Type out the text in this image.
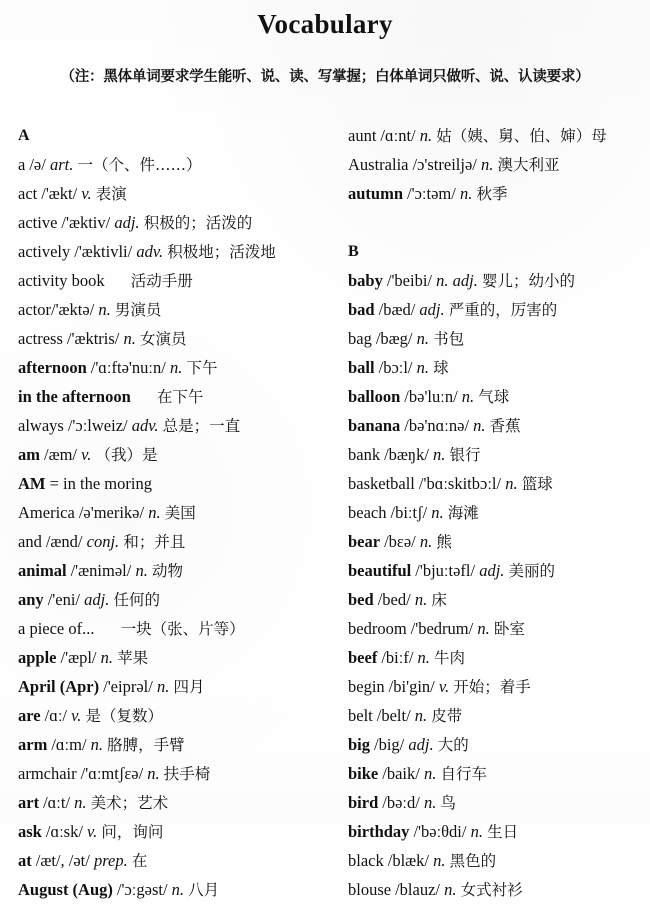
Vocabulary
（注：黑体单词要求学生能听、说、读、写掌握；白体单词只做听、说、认读要求）
A
a /ə/ art. 一（个、件……）
act /'ækt/ v. 表演
active /'æktiv/ adj. 积极的；活泼的
actively /'æktivli/ adv. 积极地；活泼地
activity book 活动手册
actor/'æktə/ n. 男演员
actress /'æktris/ n. 女演员
afternoon /'ɑːftə'nuːn/ n. 下午
in the afternoon 在下午
always /'ɔːlweiz/ adv. 总是；一直
am /æm/ v. （我）是
AM = in the moring
America /ə'merikə/ n. 美国
and /ænd/ conj. 和；并且
animal /'æniməl/ n. 动物
any /'eni/ adj. 任何的
a piece of... 一块（张、片等）
apple /'æpl/ n. 苹果
April (Apr) /'eiprəl/ n. 四月
are /ɑː/ v. 是（复数）
arm /ɑːm/ n. 胳膊，手臂
armchair /'ɑːmtʃɛə/ n. 扶手椅
art /ɑːt/ n. 美术；艺术
ask /ɑːsk/ v. 问，询问
at /æt/, /ət/ prep. 在
August (Aug) /'ɔːgəst/ n. 八月
aunt /ɑːnt/ n. 姑（姨、舅、伯、婶）母
Australia /ɔ'streiljə/ n. 澳大利亚
autumn /'ɔːtəm/ n. 秋季
B
baby /'beibi/ n. adj. 婴儿；幼小的
bad /bæd/ adj. 严重的，厉害的
bag /bæg/ n. 书包
ball /bɔːl/ n. 球
balloon /bə'luːn/ n. 气球
banana /bə'nɑːnə/ n. 香蕉
bank /bæŋk/ n. 银行
basketball /'bɑːskitbɔːl/ n. 篮球
beach /biːtʃ/ n. 海滩
bear /bɛə/ n. 熊
beautiful /'bjuːtəfl/ adj. 美丽的
bed /bed/ n. 床
bedroom /'bedrum/ n. 卧室
beef /biːf/ n. 牛肉
begin /bi'gin/ v. 开始；着手
belt /belt/ n. 皮带
big /big/ adj. 大的
bike /baik/ n. 自行车
bird /bəːd/ n. 鸟
birthday /'bəːθdi/ n. 生日
black /blæk/ n. 黑色的
blouse /blauz/ n. 女式衬衫
